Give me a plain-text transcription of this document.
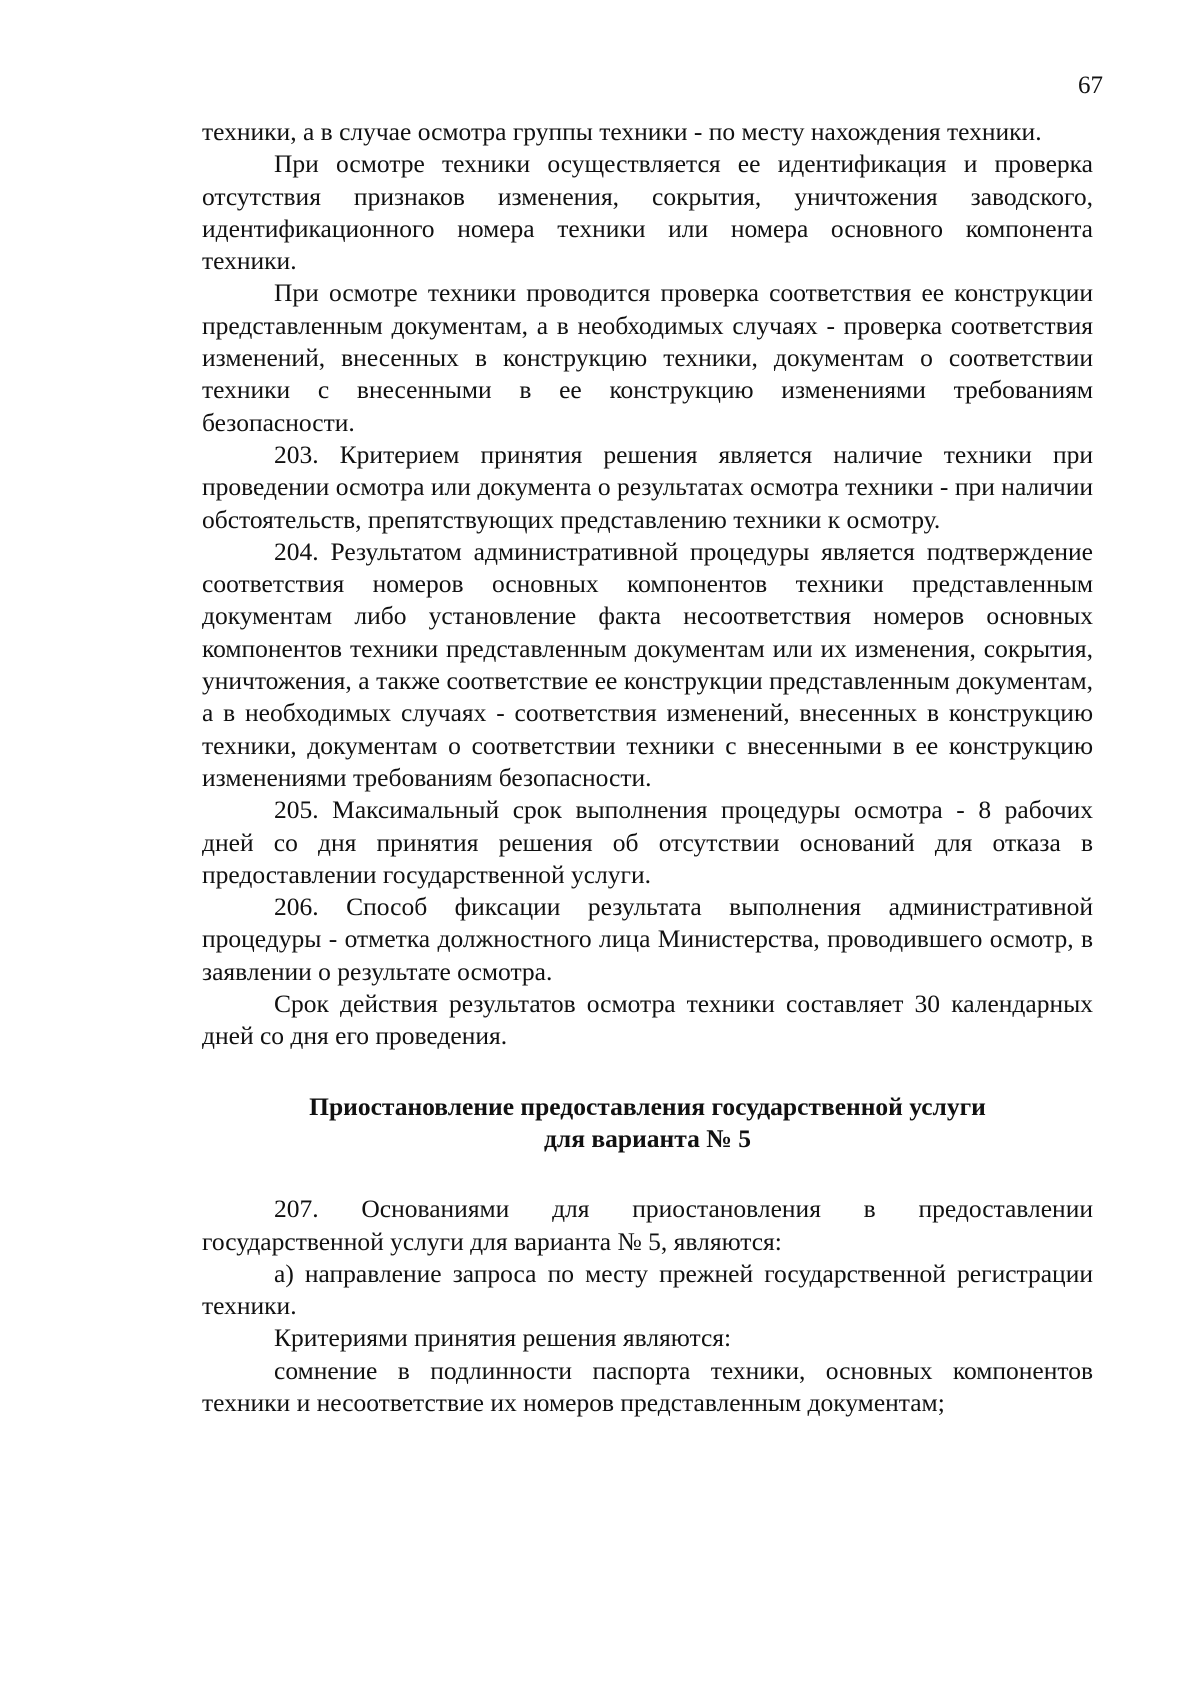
67

техники, а в случае осмотра группы техники - по месту нахождения техники.

При осмотре техники осуществляется ее идентификация и проверка отсутствия признаков изменения, сокрытия, уничтожения заводского, идентификационного номера техники или номера основного компонента техники.

При осмотре техники проводится проверка соответствия ее конструкции представленным документам, а в необходимых случаях - проверка соответствия изменений, внесенных в конструкцию техники, документам о соответствии техники с внесенными в ее конструкцию изменениями требованиям безопасности.

203. Критерием принятия решения является наличие техники при проведении осмотра или документа о результатах осмотра техники - при наличии обстоятельств, препятствующих представлению техники к осмотру.

204. Результатом административной процедуры является подтверждение соответствия номеров основных компонентов техники представленным документам либо установление факта несоответствия номеров основных компонентов техники представленным документам или их изменения, сокрытия, уничтожения, а также соответствие ее конструкции представленным документам, а в необходимых случаях - соответствия изменений, внесенных в конструкцию техники, документам о соответствии техники с внесенными в ее конструкцию изменениями требованиям безопасности.

205. Максимальный срок выполнения процедуры осмотра - 8 рабочих дней со дня принятия решения об отсутствии оснований для отказа в предоставлении государственной услуги.

206. Способ фиксации результата выполнения административной процедуры - отметка должностного лица Министерства, проводившего осмотр, в заявлении о результате осмотра.

Срок действия результатов осмотра техники составляет 30 календарных дней со дня его проведения.

Приостановление предоставления государственной услуги
для варианта № 5

207. Основаниями для приостановления в предоставлении государственной услуги для варианта № 5, являются:

а) направление запроса по месту прежней государственной регистрации техники.

Критериями принятия решения являются:

сомнение в подлинности паспорта техники, основных компонентов техники и несоответствие их номеров представленным документам;
